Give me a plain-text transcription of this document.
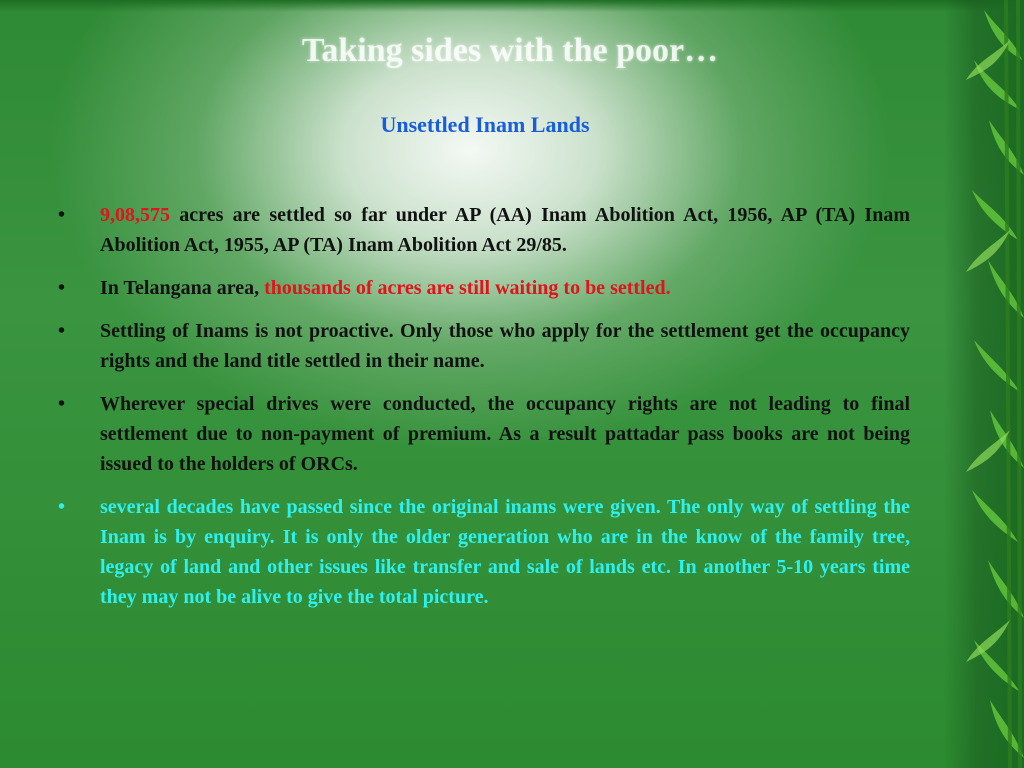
Taking sides with the poor…
Unsettled Inam Lands
• 9,08,575 acres are settled so far under AP (AA) Inam Abolition Act, 1956, AP (TA) Inam Abolition Act, 1955, AP (TA) Inam Abolition Act 29/85.
• In Telangana area, thousands of acres are still waiting to be settled.
• Settling of Inams is not proactive. Only those who apply for the settlement get the occupancy rights and the land title settled in their name.
• Wherever special drives were conducted, the occupancy rights are not leading to final settlement due to non-payment of premium. As a result pattadar pass books are not being issued to the holders of ORCs.
• several decades have passed since the original inams were given. The only way of settling the Inam is by enquiry. It is only the older generation who are in the know of the family tree, legacy of land and other issues like transfer and sale of lands etc. In another 5-10 years time they may not be alive to give the total picture.
